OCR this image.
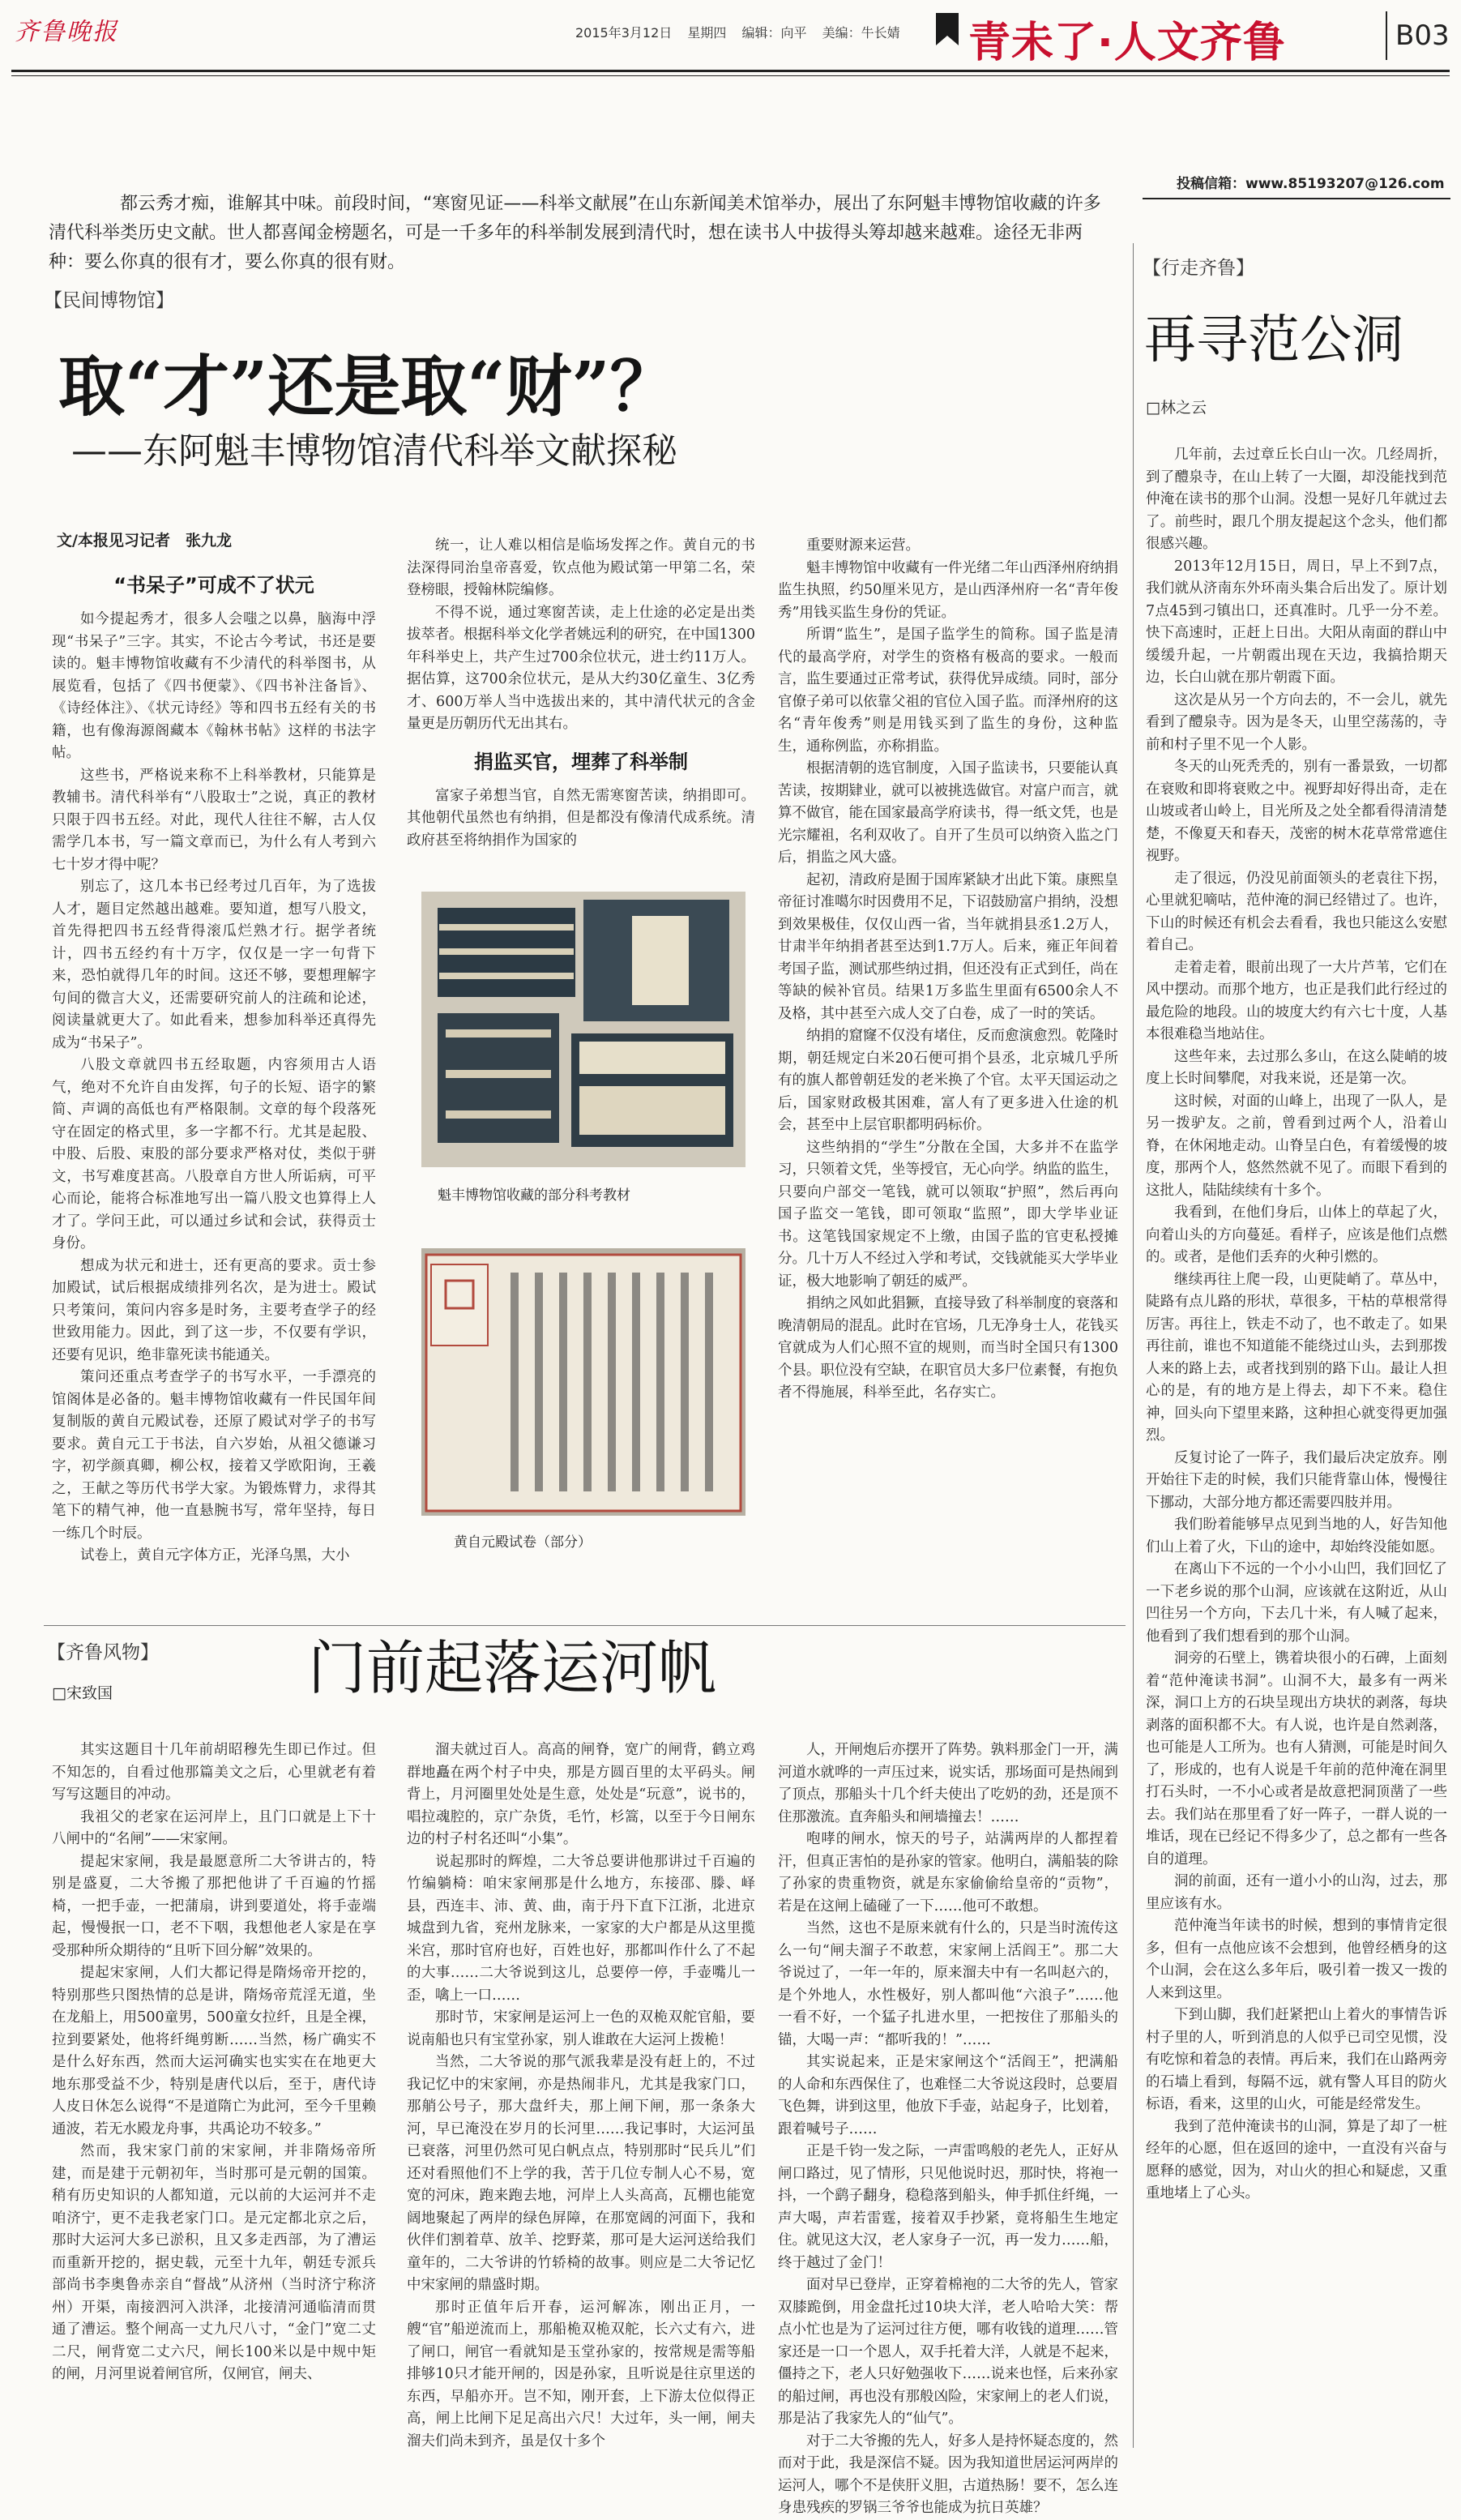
齐鲁晚报	2015年3月12日 星期四 编辑：向平 美编：牛长婧 青未了·人文齐鲁	B03
都云秀才痴，谁解其中味。前段时间，“寒窗见证——科举文献展”在山东新闻美术馆举办，展出了东阿魁丰博物馆收藏的许多清代科举类历史文献。世人都喜闻金榜题名，可是一千多年的科举制发展到清代时，想在读书人中拔得头筹却越来越难。途径无非两种：要么你真的很有才，要么你真的很有财。
【民间博物馆】
取“才”还是取“财”？
——东阿魁丰博物馆清代科举文献探秘
文/本报见习记者　张九龙
“书呆子”可成不了状元

如今提起秀才，很多人会嗤之以鼻，脑海中浮现“书呆子”三字。其实，不论古今考试，书还是要读的。魁丰博物馆收藏有不少清代的科举图书，从展览看，包括了《四书便蒙》、《四书补注备旨》、《诗经体注》、《状元诗经》等和四书五经有关的书籍，也有像海源阁藏本《翰林书帖》这样的书法字帖。

这些书，严格说来称不上科举教材，只能算是教辅书。清代科举有“八股取士”之说，真正的教材只限于四书五经。对此，现代人往往不解，古人仅需学几本书，写一篇文章而已，为什么有人考到六七十岁才得中呢？

别忘了，这几本书已经考过几百年，为了选拔人才，题目定然越出越难。要知道，想写八股文，首先得把四书五经背得滚瓜烂熟才行。据学者统计，四书五经约有十万字，仅仅是一字一句背下来，恐怕就得几年的时间。这还不够，要想理解字句间的微言大义，还需要研究前人的注疏和论述，阅读量就更大了。如此看来，想参加科举还真得先成为“书呆子”。

八股文章就四书五经取题，内容须用古人语气，绝对不允许自由发挥，句子的长短、语字的繁简、声调的高低也有严格限制。文章的每个段落死守在固定的格式里，多一字都不行。尤其是起股、中股、后股、束股的部分要求严格对仗，类似于骈文，书写难度甚高。八股章自方世人所诟病，可平心而论，能将合标准地写出一篇八股文也算得上人才了。学问王此，可以通过乡试和会试，获得贡士身份。

想成为状元和进士，还有更高的要求。贡士参加殿试，试后根据成绩排列名次，是为进士。殿试只考策问，策问内容多是时务，主要考查学子的经世致用能力。因此，到了这一步，不仅要有学识，还要有见识，绝非靠死读书能通关。

策问还重点考查学子的书写水平，一手漂亮的馆阁体是必备的。魁丰博物馆收藏有一件民国年间复制版的黄自元殿试卷，还原了殿试对学子的书写要求。黄自元工于书法，自六岁始，从祖父德谦习字，初学颜真卿，柳公权，接着又学欧阳询，王羲之，王献之等历代书学大家。为锻炼臂力，求得其笔下的精气神，他一直悬腕书写，常年坚持，每日一练几个时辰。

试卷上，黄自元字体方正，光泽乌黑，大小

统一，让人难以相信是临场发挥之作。黄自元的书法深得同治皇帝喜爱，钦点他为殿试第一甲第二名，荣登榜眼，授翰林院编修。

不得不说，通过寒窗苦读，走上仕途的必定是出类拔萃者。根据科举文化学者姚远利的研究，在中国1300年科举史上，共产生过700余位状元，进士约11万人。据估算，这700余位状元，是从大约30亿童生、3亿秀才、600万举人当中选拔出来的，其中清代状元的含金量更是历朝历代无出其右。

捐监买官，埋葬了科举制

富家子弟想当官，自然无需寒窗苦读，纳捐即可。其他朝代虽然也有纳捐，但是都没有像清代成系统。清政府甚至将纳捐作为国家的

魁丰博物馆收藏的部分科考教材
黄自元殿试卷（部分）

重要财源来运营。

魁丰博物馆中收藏有一件光绪二年山西泽州府纳捐监生执照，约50厘米见方，是山西泽州府一名“青年俊秀”用钱买监生身份的凭证。

所谓“监生”，是国子监学生的简称。国子监是清代的最高学府，对学生的资格有极高的要求。一般而言，监生要通过正常考试，获得优异成绩。同时，部分官僚子弟可以依靠父祖的官位入国子监。而泽州府的这名“青年俊秀”则是用钱买到了监生的身份，这种监生，通称例监，亦称捐监。

根据清朝的选官制度，入国子监读书，只要能认真苦读，按期肄业，就可以被挑选做官。对富户而言，就算不做官，能在国家最高学府读书，得一纸文凭，也是光宗耀祖，名利双收了。自开了生员可以纳资入监之门后，捐监之风大盛。

起初，清政府是囿于国库紧缺才出此下策。康熙皇帝征讨准噶尔时因费用不足，下诏鼓励富户捐纳，没想到效果极佳，仅仅山西一省，当年就捐县丞1.2万人，甘肃半年纳捐者甚至达到1.7万人。后来，雍正年间着考国子监，测试那些纳过捐，但还没有正式到任，尚在等缺的候补官员。结果1万多监生里面有6500余人不及格，其中甚至六成人交了白卷，成了一时的笑话。

纳捐的窟窿不仅没有堵住，反而愈演愈烈。乾隆时期，朝廷规定白米20石便可捐个县丞，北京城几乎所有的旗人都曾朝廷发的老米换了个官。太平天国运动之后，国家财政极其困难，富人有了更多进入仕途的机会，甚至中上层官职都明码标价。

这些纳捐的“学生”分散在全国，大多并不在监学习，只领着文凭，坐等授官，无心向学。纳监的监生，只要向户部交一笔钱，就可以领取“护照”，然后再向国子监交一笔钱，即可领取“监照”，即大学毕业证书。这笔钱国家规定不上缴，由国子监的官吏私授摊分。几十万人不经过入学和考试，交钱就能买大学毕业证，极大地影响了朝廷的威严。

捐纳之风如此猖獗，直接导致了科举制度的衰落和晚清朝局的混乱。此时在官场，几无净身士人，花钱买官就成为人们心照不宣的规则，而当时全国只有1300个县。职位没有空缺，在职官员大多尸位素餐，有抱负者不得施展，科举至此，名存实亡。

投稿信箱：www.85193207@126.com
【行走齐鲁】
再寻范公洞
□林之云

几年前，去过章丘长白山一次。几经周折，到了醴泉寺，在山上转了一大圈，却没能找到范仲淹在读书的那个山洞。没想一晃好几年就过去了。前些时，跟几个朋友提起这个念头，他们都很感兴趣。

2013年12月15日，周日，早上不到7点，我们就从济南东外环南头集合后出发了。原计划7点45到刁镇出口，还真准时。几乎一分不差。快下高速时，正赶上日出。大阳从南面的群山中缓缓升起，一片朝霞出现在天边，我搞拾期天边，长白山就在那片朝霞下面。

这次是从另一个方向去的，不一会儿，就先看到了醴泉寺。因为是冬天，山里空荡荡的，寺前和村子里不见一个人影。

冬天的山死秃秃的，别有一番景致，一切都在衰败和即将衰败之中。视野却好得出奇，走在山坡或者山岭上，目光所及之处全都看得清清楚楚，不像夏天和春天，茂密的树木花草常常遮住视野。

走了很远，仍没见前面领头的老袁往下拐，心里就犯嘀咕，范仲淹的洞已经错过了。也许，下山的时候还有机会去看看，我也只能这么安慰着自己。

走着走着，眼前出现了一大片芦苇，它们在风中摆动。而那个地方，也正是我们此行经过的最危险的地段。山的坡度大约有六七十度，人基本很难稳当地站住。

这些年来，去过那么多山，在这么陡峭的坡度上长时间攀爬，对我来说，还是第一次。

这时候，对面的山峰上，出现了一队人，是另一拨驴友。之前，曾看到过两个人，沿着山脊，在休闲地走动。山脊呈白色，有着缓慢的坡度，那两个人，悠然然就不见了。而眼下看到的这批人，陆陆续续有十多个。

我看到，在他们身后，山体上的草起了火，向着山头的方向蔓延。看样子，应该是他们点燃的。或者，是他们丢弃的火种引燃的。

继续再往上爬一段，山更陡峭了。草丛中，陡路有点儿路的形状，草很多，干枯的草根常得厉害。再往上，铁走不动了，也不敢走了。如果再往前，谁也不知道能不能绕过山头，去到那拨人来的路上去，或者找到别的路下山。最让人担心的是，有的地方是上得去，却下不来。稳住神，回头向下望里来路，这种担心就变得更加强烈。

反复讨论了一阵子，我们最后决定放弃。刚开始往下走的时候，我们只能背靠山体，慢慢往下挪动，大部分地方都还需要四肢并用。

我们盼着能够早点见到当地的人，好告知他们山上着了火，下山的途中，却始终没能如愿。

在离山下不远的一个小小山凹，我们回忆了一下老乡说的那个山洞，应该就在这附近，从山凹往另一个方向，下去几十米，有人喊了起来，他看到了我们想看到的那个山洞。

洞旁的石壁上，镌着块很小的石碑，上面刻着“范仲淹读书洞”。山洞不大，最多有一两米深，洞口上方的石块呈现出方块状的剥落，每块剥落的面积都不大。有人说，也许是自然剥落，也可能是人工所为。也有人猜测，可能是时间久了，形成的，也有人说是千年前的范仲淹在洞里打石头时，一不小心或者是故意把洞顶凿了一些去。我们站在那里看了好一阵子，一群人说的一堆话，现在已经记不得多少了，总之都有一些各自的道理。

洞的前面，还有一道小小的山沟，过去，那里应该有水。

范仲淹当年读书的时候，想到的事情肯定很多，但有一点他应该不会想到，他曾经栖身的这个山洞，会在这么多年后，吸引着一拨又一拨的人来到这里。

下到山脚，我们赶紧把山上着火的事情告诉村子里的人，听到消息的人似乎已司空见惯，没有吃惊和着急的表情。再后来，我们在山路两旁的石墙上看到，每隔不远，就有警人耳目的防火标语，看来，这里的山火，可能是经常发生。

我到了范仲淹读书的山洞，算是了却了一桩经年的心愿，但在返回的途中，一直没有兴奋与愿释的感觉，因为，对山火的担心和疑虑，又重重地堵上了心头。

【齐鲁风物】
□宋致国	门前起落运河帆

其实这题目十几年前胡昭穆先生即已作过。但不知怎的，自看过他那篇美文之后，心里就老有着写写这题目的冲动。

我祖父的老家在运河岸上，且门口就是上下十八闸中的“名闸”——宋家闸。

提起宋家闸，我是最愿意所二大爷讲古的，特别是盛夏，二大爷搬了那把他讲了千百遍的竹摇椅，一把手壶，一把蒲扇，讲到要道处，将手壶端起，慢慢抿一口，老不下咽，我想他老人家是在享受那种所众期待的“且听下回分解”效果的。

提起宋家闸，人们大都记得是隋炀帝开挖的，特别那些只图热情的总是讲，隋炀帝荒淫无道，坐在龙船上，用500童男，500童女拉纤，且是全裸，拉到要紧处，他将纤绳剪断……当然，杨广确实不是什么好东西，然而大运河确实也实实在在地更大地东那受益不少，特别是唐代以后，至于，唐代诗人皮日休怎么说得“不是道隋亡为此河，至今千里赖通波，若无水殿龙舟事，共禹论功不较多。”

然而，我宋家门前的宋家闸，并非隋炀帝所建，而是建于元朝初年，当时那可是元朝的国策。稍有历史知识的人都知道，元以前的大运河并不走咱济宁，更不走我老家门口。是元定都北京之后，那时大运河大多已淤积，且又多走西部，为了漕运而重新开挖的，据史载，元至十九年，朝廷专派兵部尚书李奥鲁赤亲自“督战”从济州（当时济宁称济州）开渠，南接泗河入洪泽，北接清河通临清而贯通了漕运。整个闸高一丈九尺八寸，“金门”宽二丈二尺，闸背宽二丈六尺，闸长100米以是中规中矩的闸，月河里说着闸官所，仅闸官，闸夫、

溜夫就过百人。高高的闸脊，宽广的闸背，鹤立鸡群地矗在两个村子中央，那是方圆百里的太平码头。闸背上，月河圈里处处是生意，处处是“玩意”，说书的，唱拉魂腔的，京广杂货，毛竹，杉篙，以至于今日闸东边的村子村名还叫“小集”。

说起那时的辉煌，二大爷总要讲他那讲过千百遍的竹编躺椅：咱宋家闸那是什么地方，东接邵、滕、峄县，西连丰、沛、黄、曲，南于丹下直下江浙，北进京城盘到九省，兖州龙脉来，一家家的大户都是从这里揽米宫，那时官府也好，百姓也好，那都叫作什么了不起的大事……二大爷说到这儿，总要停一停，手壶嘴儿一歪，噙上一口……

那时节，宋家闸是运河上一色的双桅双舵官船，要说南船也只有宝堂孙家，别人谁敢在大运河上拨桅！

当然，二大爷说的那气派我辈是没有赶上的，不过我记忆中的宋家闸，亦是热闹非凡，尤其是我家门口，那艄公号子，那大盘纤夫，那上闸下闸，那一条条大河，早已淹没在岁月的长河里……我记事时，大运河虽已衰落，河里仍然可见白帆点点，特别那时“民兵儿”们还对看照他们不上学的我，苦于几位专制人心不易，宽宽的河床，跑来跑去地，河岸上人头高高，瓦棚也能宽阔地聚起了两岸的绿色屏障，在那宽阔的河面下，我和伙伴们割着草、放羊、挖野菜，那可是大运河送给我们童年的，二大爷讲的竹轿椅的故事。则应是二大爷记忆中宋家闸的鼎盛时期。

那时正值年后开春，运河解冻，刚出正月，一艘“官”船逆流而上，那船桅双桅双舵，长六丈有六，进了闸口，闸官一看就知是玉堂孙家的，按常规是需等船排够10只才能开闸的，因是孙家，且听说是往京里送的东西，早船亦开。岂不知，刚开套，上下游太位似得正高，闸上比闸下足足高出六尺！大过年，头一闸，闸夫溜夫们尚未到齐，虽是仅十多个

人，开闸炮后亦摆开了阵势。孰料那金门一开，满河道水就哗的一声压过来，说实话，那场面可是热闹到了顶点，那船头十几个纤夫使出了吃奶的劲，还是顶不住那激流。直奔船头和闸墙撞去！……

咆哮的闸水，惊天的号子，站满两岸的人都捏着汗，但真正害怕的是孙家的管家。他明白，满船装的除了孙家的贵重物资，就是东家偷偷给皇帝的“贡物”，若是在这闸上磕碰了一下……他可不敢想。

当然，这也不是原来就有什么的，只是当时流传这么一句“闸夫溜子不敢惹，宋家闸上活阎王”。那二大爷说过了，一年一年的，原来溜夫中有一名叫赵六的，是个外地人，水性极好，别人都叫他“六浪子”……他一看不好，一个猛子扎进水里，一把按住了那船头的锚，大喝一声：“都听我的！”……

其实说起来，正是宋家闸这个“活阎王”，把满船的人命和东西保住了，也难怪二大爷说这段时，总要眉飞色舞，讲到这里，他放下手壶，站起身子，比划着，跟着喊号子……

正是千钧一发之际，一声雷鸣般的老先人，正好从闸口路过，见了情形，只见他说时迟，那时快，将袍一抖，一个鹞子翻身，稳稳落到船头，伸手抓住纤绳，一声大喝，声若雷霆，接着双手抄紧，竟将船生生地定住。就见这大汉，老人家身子一沉，再一发力……船，终于越过了金门！

面对早已登岸，正穿着棉袍的二大爷的先人，管家双膝跪倒，用金盘托过10块大洋，老人哈哈大笑：帮点小忙也是为了运河过往方便，哪有收钱的道理……管家还是一口一个恩人，双手托着大洋，人就是不起来，僵持之下，老人只好勉强收下……说来也怪，后来孙家的船过闸，再也没有那般凶险，宋家闸上的老人们说，那是沾了我家先人的“仙气”。

对于二大爷搬的先人，好多人是持怀疑态度的，然而对于此，我是深信不疑。因为我知道世居运河两岸的运河人，哪个不是侠肝义胆，古道热肠！要不，怎么连身患残疾的罗锅三爷爷也能成为抗日英雄？
